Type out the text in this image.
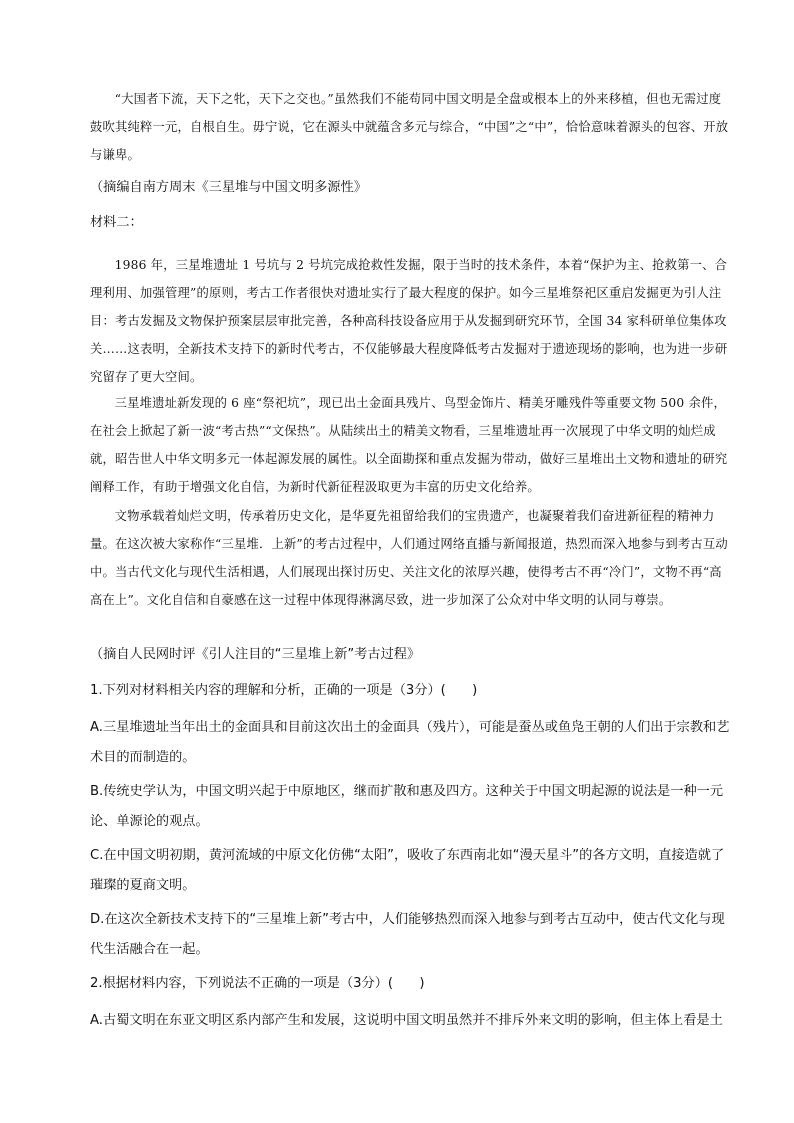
“大国者下流，天下之牝，天下之交也。”虽然我们不能苟同中国文明是全盘或根本上的外来移植，但也无需过度鼓吹其纯粹一元，自根自生。毋宁说，它在源头中就蕴含多元与综合，“中国”之“中”，恰恰意味着源头的包容、开放与谦卑。

（摘编自南方周末《三星堆与中国文明多源性》

材料二：

1986 年，三星堆遗址 1 号坑与 2 号坑完成抢救性发掘，限于当时的技术条件，本着“保护为主、抢救第一、合理利用、加强管理”的原则，考古工作者很快对遗址实行了最大程度的保护。如今三星堆祭祀区重启发掘更为引人注目：考古发掘及文物保护预案层层审批完善，各种高科技设备应用于从发掘到研究环节，全国 34 家科研单位集体攻关……这表明，全新技术支持下的新时代考古，不仅能够最大程度降低考古发掘对于遗迹现场的影响，也为进一步研究留存了更大空间。

三星堆遗址新发现的 6 座“祭祀坑”，现已出土金面具残片、鸟型金饰片、精美牙雕残件等重要文物 500 余件，在社会上掀起了新一波“考古热”“文保热”。从陆续出土的精美文物看，三星堆遗址再一次展现了中华文明的灿烂成就，昭告世人中华文明多元一体起源发展的属性。以全面勘探和重点发掘为带动，做好三星堆出土文物和遗址的研究阐释工作，有助于增强文化自信，为新时代新征程汲取更为丰富的历史文化给养。

文物承载着灿烂文明，传承着历史文化，是华夏先祖留给我们的宝贵遗产，也凝聚着我们奋进新征程的精神力量。在这次被大家称作“三星堆．上新”的考古过程中，人们通过网络直播与新闻报道，热烈而深入地参与到考古互动中。当古代文化与现代生活相遇，人们展现出探讨历史、关注文化的浓厚兴趣，使得考古不再“冷门”，文物不再“高高在上”。文化自信和自豪感在这一过程中体现得淋漓尽致，进一步加深了公众对中华文明的认同与尊崇。

（摘自人民网时评《引人注目的“三星堆上新”考古过程》

1.下列对材料相关内容的理解和分析，正确的一项是（3分）(　　)

A.三星堆遗址当年出土的金面具和目前这次出土的金面具（残片），可能是蚕丛或鱼凫王朝的人们出于宗教和艺术目的而制造的。

B.传统史学认为，中国文明兴起于中原地区，继而扩散和惠及四方。这种关于中国文明起源的说法是一种一元论、单源论的观点。

C.在中国文明初期，黄河流域的中原文化仿佛“太阳”，吸收了东西南北如“漫天星斗”的各方文明，直接造就了璀璨的夏商文明。

D.在这次全新技术支持下的“三星堆上新”考古中，人们能够热烈而深入地参与到考古互动中，使古代文化与现代生活融合在一起。

2.根据材料内容，下列说法不正确的一项是（3分）(　　)

A.古蜀文明在东亚文明区系内部产生和发展，这说明中国文明虽然并不排斥外来文明的影响，但主体上看是土
